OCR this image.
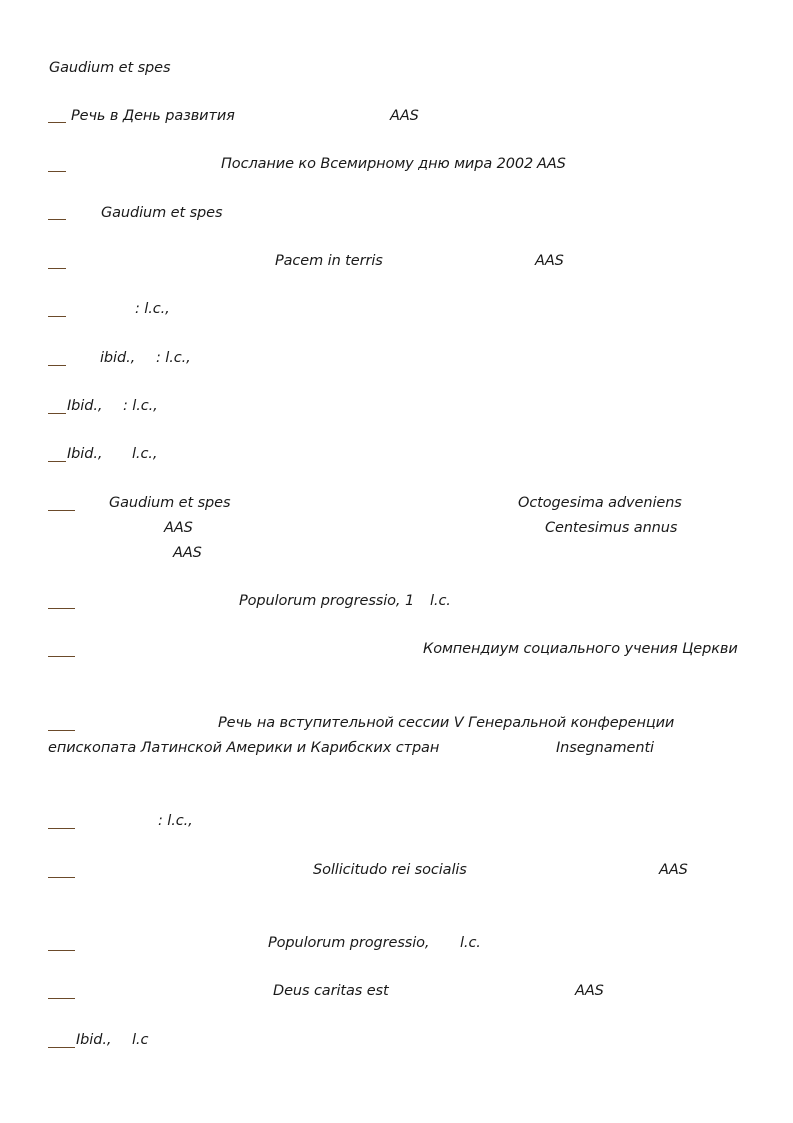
Gaudium et spes
Речь в День развития	AAS
Послание ко Всемирному дню мира 2002 AAS
Gaudium et spes
Pacem in terris	AAS
: l.c.,
ibid., : l.c.,
Ibid., : l.c.,
Ibid., l.c.,
Gaudium et spes	Octogesima adveniens
AAS	Centesimus annus
AAS
Populorum progressio, 1 l.c.
Компендиум социального учения Церкви
Речь на вступительной сессии V Генеральной конференции
епископата Латинской Америки и Карибских стран	Insegnamenti
: l.c.,
Sollicitudo rei socialis	AAS
Populorum progressio, l.c.
Deus caritas est	AAS
Ibid., l.c
